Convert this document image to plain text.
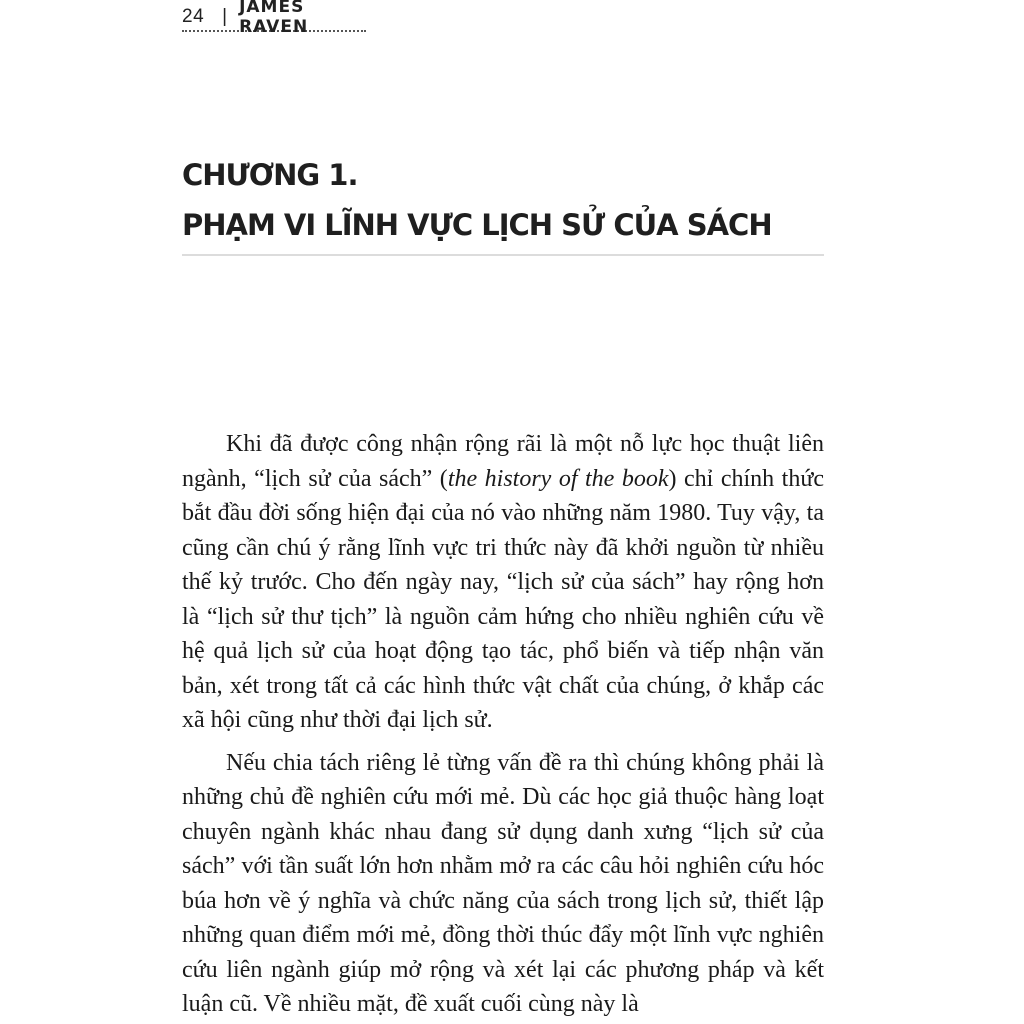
24 | JAMES RAVEN
CHƯƠNG 1.
PHẠM VI LĨNH VỰC LỊCH SỬ CỦA SÁCH

Khi đã được công nhận rộng rãi là một nỗ lực học thuật liên ngành, “lịch sử của sách” (the history of the book) chỉ chính thức bắt đầu đời sống hiện đại của nó vào những năm 1980. Tuy vậy, ta cũng cần chú ý rằng lĩnh vực tri thức này đã khởi nguồn từ nhiều thế kỷ trước. Cho đến ngày nay, “lịch sử của sách” hay rộng hơn là “lịch sử thư tịch” là nguồn cảm hứng cho nhiều nghiên cứu về hệ quả lịch sử của hoạt động tạo tác, phổ biến và tiếp nhận văn bản, xét trong tất cả các hình thức vật chất của chúng, ở khắp các xã hội cũng như thời đại lịch sử.

Nếu chia tách riêng lẻ từng vấn đề ra thì chúng không phải là những chủ đề nghiên cứu mới mẻ. Dù các học giả thuộc hàng loạt chuyên ngành khác nhau đang sử dụng danh xưng “lịch sử của sách” với tần suất lớn hơn nhằm mở ra các câu hỏi nghiên cứu hóc búa hơn về ý nghĩa và chức năng của sách trong lịch sử, thiết lập những quan điểm mới mẻ, đồng thời thúc đẩy một lĩnh vực nghiên cứu liên ngành giúp mở rộng và xét lại các phương pháp và kết luận cũ. Về nhiều mặt, đề xuất cuối cùng này là
